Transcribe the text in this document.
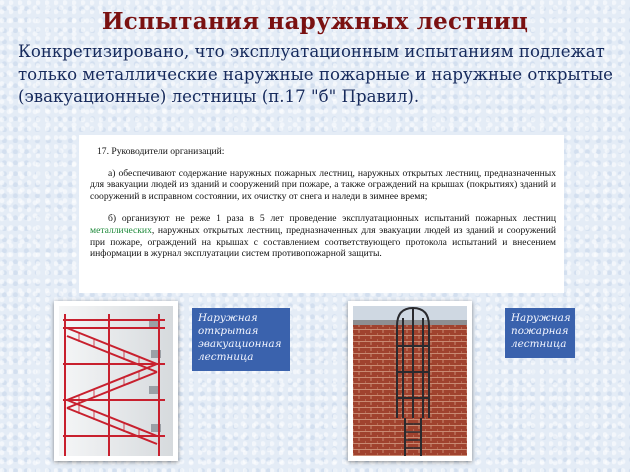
Испытания наружных лестниц

Конкретизировано, что эксплуатационным испытаниям подлежат только металлические наружные пожарные и наружные открытые (эвакуационные) лестницы (п.17 "б" Правил).

17. Руководители организаций:

а) обеспечивают содержание наружных пожарных лестниц, наружных открытых лестниц, предназначенных для эвакуации людей из зданий и сооружений при пожаре, а также ограждений на крышах (покрытиях) зданий и сооружений в исправном состоянии, их очистку от снега и наледи в зимнее время;

б) организуют не реже 1 раза в 5 лет проведение эксплуатационных испытаний пожарных лестниц металлических, наружных открытых лестниц, предназначенных для эвакуации людей из зданий и сооружений при пожаре, ограждений на крышах с составлением соответствующего протокола испытаний и внесением информации в журнал эксплуатации систем противопожарной защиты.

Наружная открытая эвакуационная лестница
Наружная пожарная лестница
